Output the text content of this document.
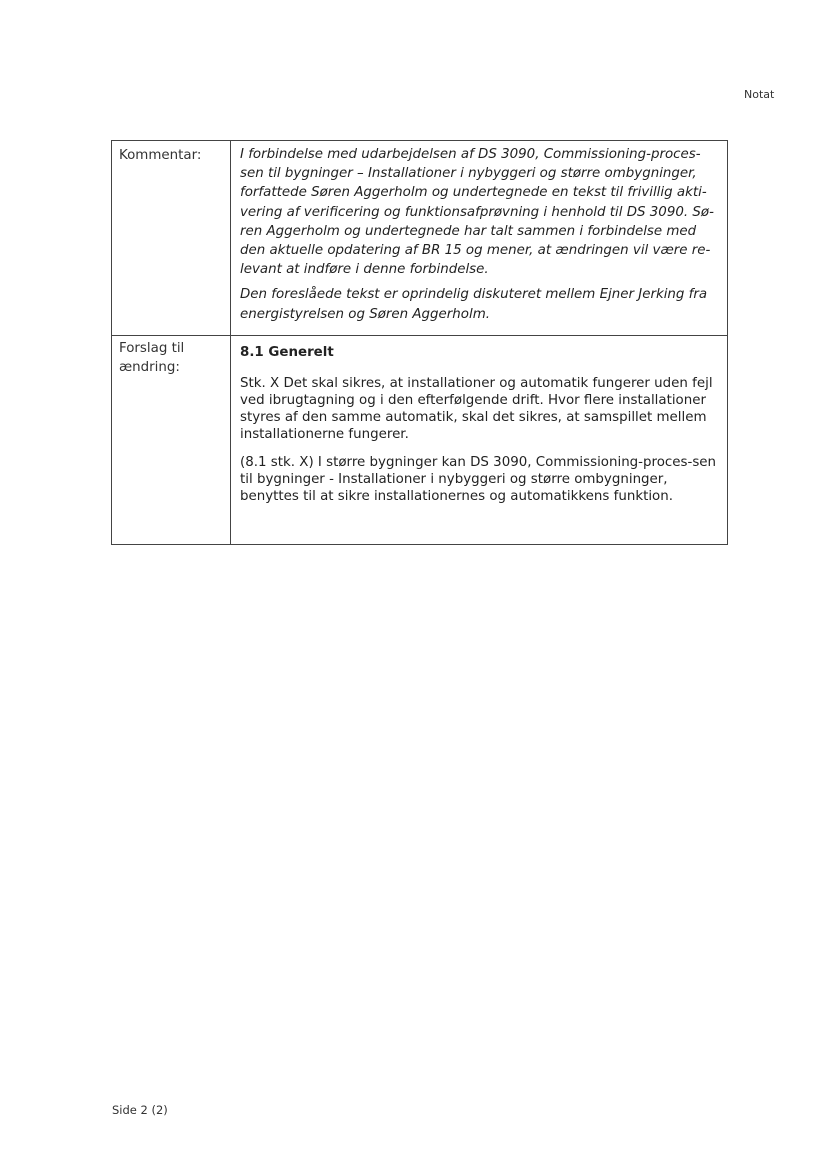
Notat
Kommentar:	I forbindelse med udarbejdelsen af DS 3090, Commissioning-proces-sen til bygninger – Installationer i nybyggeri og større ombygninger, forfattede Søren Aggerholm og undertegnede en tekst til frivillig akti-vering af verificering og funktionsafprøvning i henhold til DS 3090. Sø-ren Aggerholm og undertegnede har talt sammen i forbindelse med den aktuelle opdatering af BR 15 og mener, at ændringen vil være re-levant at indføre i denne forbindelse.

Den foreslåede tekst er oprindelig diskuteret mellem Ejner Jerking fra energistyrelsen og Søren Aggerholm.

Forslag til ændring:	8.1 Generelt

Stk. X Det skal sikres, at installationer og automatik fungerer uden fejl ved ibrugtagning og i den efterfølgende drift. Hvor flere installationer styres af den samme automatik, skal det sikres, at samspillet mellem installationerne fungerer.

(8.1 stk. X) I større bygninger kan DS 3090, Commissioning-proces-sen til bygninger - Installationer i nybyggeri og større ombygninger, benyttes til at sikre installationernes og automatikkens funktion.

Side 2 (2)
